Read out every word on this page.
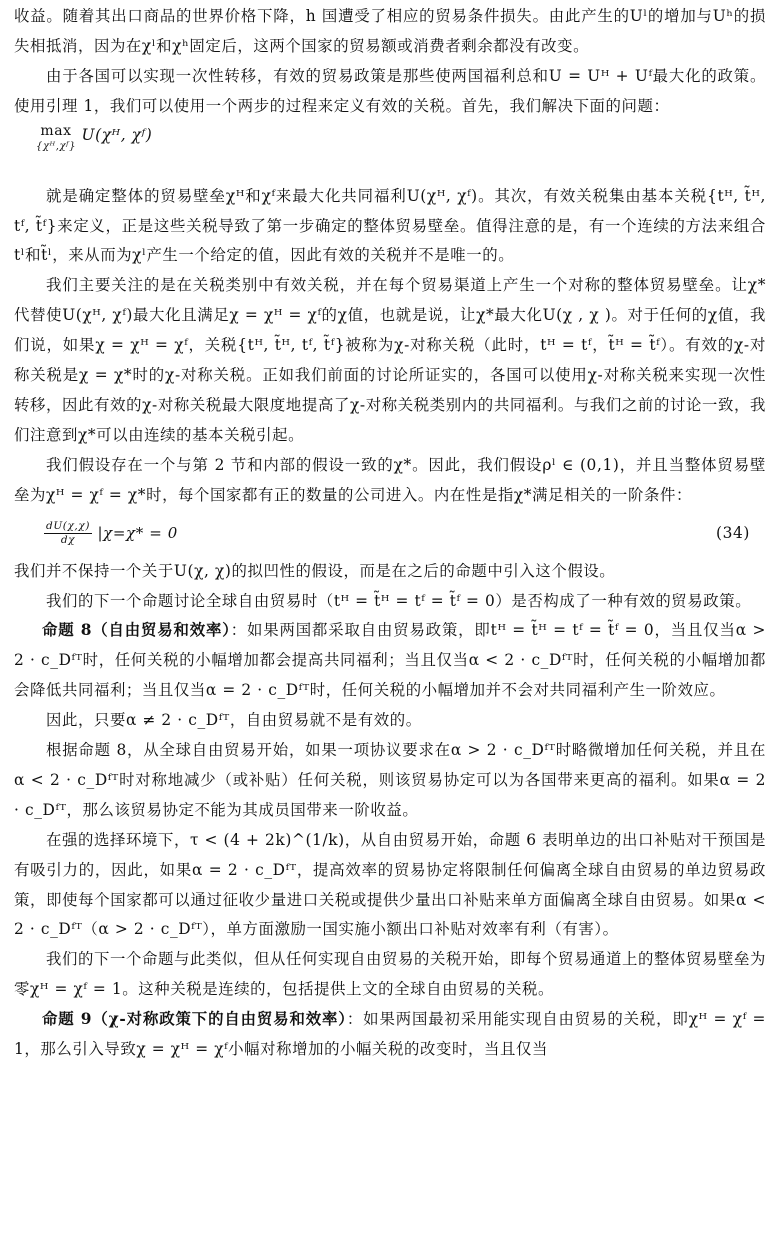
收益。随着其出口商品的世界价格下降，h 国遭受了相应的贸易条件损失。由此产生的Uˡ的增加与Uʰ的损失相抵消，因为在χˡ和χʰ固定后，这两个国家的贸易额或消费者剩余都没有改变。

由于各国可以实现一次性转移，有效的贸易政策是那些使两国福利总和U = Uᴴ + Uᶠ最大化的政策。使用引理 1，我们可以使用一个两步的过程来定义有效的关税。首先，我们解决下面的问题：

max
{χᴴ,χᶠ}
U(χᴴ, χᶠ)

就是确定整体的贸易壁垒χᴴ和χᶠ来最大化共同福利U(χᴴ, χᶠ)。其次，有效关税集由基本关税{tᴴ, t̃ᴴ, tᶠ, t̃ᶠ}来定义，正是这些关税导致了第一步确定的整体贸易壁垒。值得注意的是，有一个连续的方法来组合tˡ和t̃ˡ，来从而为χˡ产生一个给定的值，因此有效的关税并不是唯一的。

我们主要关注的是在关税类别中有效关税，并在每个贸易渠道上产生一个对称的整体贸易壁垒。让χ*代替使U(χᴴ, χᶠ)最大化且满足χ = χᴴ = χᶠ的χ值，也就是说，让χ*最大化U(χ , χ )。对于任何的χ值，我们说，如果χ = χᴴ = χᶠ，关税{tᴴ, t̃ᴴ, tᶠ, t̃ᶠ}被称为χ-对称关税（此时，tᴴ = tᶠ，t̃ᴴ = t̃ᶠ）。有效的χ-对称关税是χ = χ*时的χ-对称关税。正如我们前面的讨论所证实的，各国可以使用χ-对称关税来实现一次性转移，因此有效的χ-对称关税最大限度地提高了χ-对称关税类别内的共同福利。与我们之前的讨论一致，我们注意到χ*可以由连续的基本关税引起。

我们假设存在一个与第 2 节和内部的假设一致的χ*。因此，我们假设ρˡ ∈ (0,1)，并且当整体贸易壁垒为χᴴ = χᶠ = χ*时，每个国家都有正的数量的公司进入。内在性是指χ*满足相关的一阶条件：

$\frac{dU(\chi,\chi)}{d\chi} |\chi=\chi* = 0$	(34)

我们并不保持一个关于U(χ, χ)的拟凹性的假设，而是在之后的命题中引入这个假设。

我们的下一个命题讨论全球自由贸易时（tᴴ = t̃ᴴ = tᶠ = t̃ᶠ = 0）是否构成了一种有效的贸易政策。

命题 8（自由贸易和效率）：如果两国都采取自由贸易政策，即tᴴ = t̃ᴴ = tᶠ = t̃ᶠ = 0，当且仅当α > 2 · c_Dᶠᵀ时，任何关税的小幅增加都会提高共同福利；当且仅当α < 2 · c_Dᶠᵀ时，任何关税的小幅增加都会降低共同福利；当且仅当α = 2 · c_Dᶠᵀ时，任何关税的小幅增加并不会对共同福利产生一阶效应。

因此，只要α ≠ 2 · c_Dᶠᵀ，自由贸易就不是有效的。

根据命题 8，从全球自由贸易开始，如果一项协议要求在α > 2 · c_Dᶠᵀ时略微增加任何关税，并且在α < 2 · c_Dᶠᵀ时对称地减少（或补贴）任何关税，则该贸易协定可以为各国带来更高的福利。如果α = 2 · c_Dᶠᵀ，那么该贸易协定不能为其成员国带来一阶收益。

在强的选择环境下，τ < (4 + 2k)^(1/k)，从自由贸易开始，命题 6 表明单边的出口补贴对干预国是有吸引力的，因此，如果α = 2 · c_Dᶠᵀ，提高效率的贸易协定将限制任何偏离全球自由贸易的单边贸易政策，即使每个国家都可以通过征收少量进口关税或提供少量出口补贴来单方面偏离全球自由贸易。如果α < 2 · c_Dᶠᵀ（α > 2 · c_Dᶠᵀ），单方面激励一国实施小额出口补贴对效率有利（有害）。

我们的下一个命题与此类似，但从任何实现自由贸易的关税开始，即每个贸易通道上的整体贸易壁垒为零χᴴ = χᶠ = 1。这种关税是连续的，包括提供上文的全球自由贸易的关税。

命题 9（χ-对称政策下的自由贸易和效率）：如果两国最初采用能实现自由贸易的关税，即χᴴ = χᶠ = 1，那么引入导致χ = χᴴ = χᶠ小幅对称增加的小幅关税的改变时，当且仅当
